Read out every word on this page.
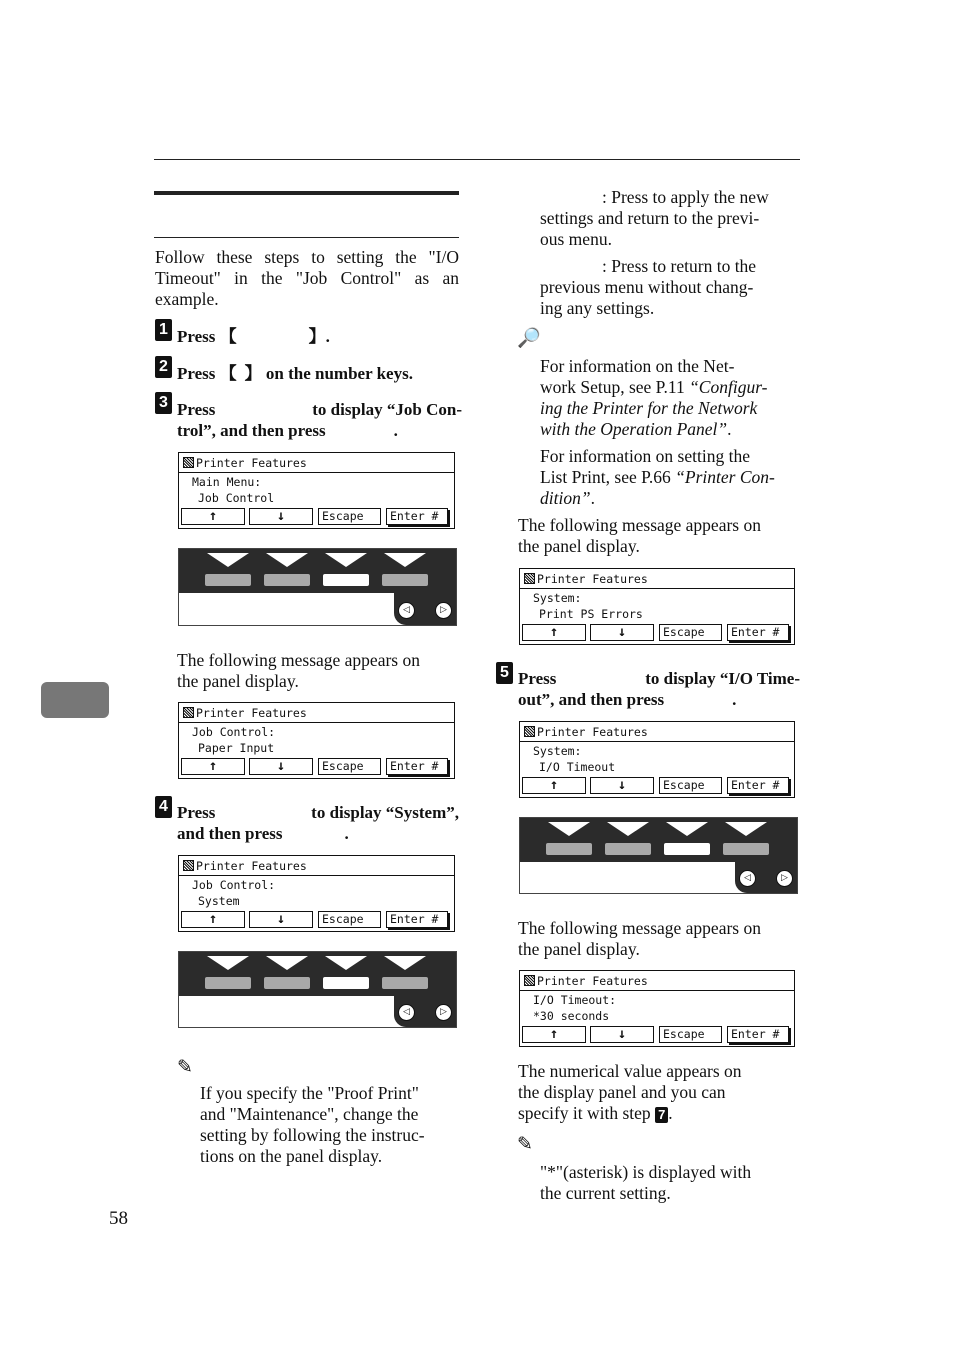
Follow these steps to setting the "I/O Timeout" in the "Job Control" as an example.

1 Press 【	】.
2 Press 【 】 on the number keys.
3 Press	to display “Job Con-
trol”, and then press	.
Printer Features
Main Menu:
Job Control
↑	↓	Escape	Enter #
◁	▷

The following message appears on

the panel display.

Printer Features
Job Control:
Paper Input
↑	↓	Escape	Enter #
4 Press	to display “System”,
and then press	.
Printer Features
Job Control:
System
↑	↓	Escape	Enter #
◁	▷
✎

If you specify the "Proof Print"

and "Maintenance", change the

setting by following the instruc-

tions on the panel display.

58

: Press to apply the new

settings and return to the previ-

ous menu.

: Press to return to the

previous menu without chang-

ing any settings.

🔎

For information on the Net-

work Setup, see P.11 “Configur-

ing the Printer for the Network

with the Operation Panel”.

For information on setting the

List Print, see P.66 “Printer Con-

dition”.

The following message appears on

the panel display.

Printer Features
System:
Print PS Errors
↑	↓	Escape	Enter #
5 Press	to display “I/O Time-
out”, and then press	.
Printer Features
System:
I/O Timeout
↑	↓	Escape	Enter #
◁	▷

The following message appears on

the panel display.

Printer Features
I/O Timeout:
*30 seconds
↑	↓	Escape	Enter #

The numerical value appears on

the display panel and you can

specify it with step 7 .

✎

"*"(asterisk) is displayed with

the current setting.
